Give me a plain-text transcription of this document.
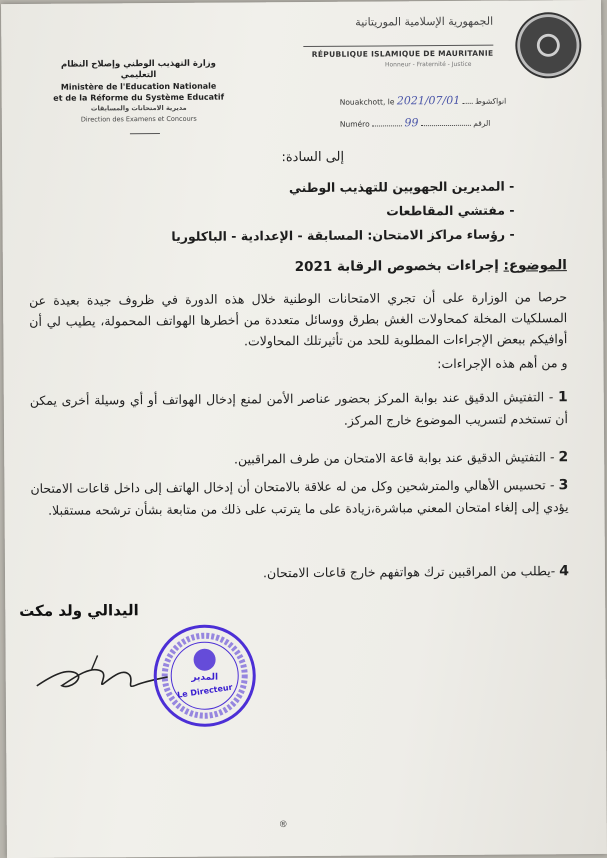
الجمهورية الإسلامية الموريتانية
RÉPUBLIQUE ISLAMIQUE DE MAURITANIE
Honneur - Fraternité - Justice
وزارة التهذيب الوطني وإصلاح النظام التعليمي
Ministère de l'Education Nationale
et de la Réforme du Système Educatif
مديرية الامتحانات والمسابقات
Direction des Examens et Concours
Nouakchott, le 2021/07/01 انواكشوط
Numéro	99	الرقم
إلى السادة:
- المديرين الجهويين للتهذيب الوطني
- مفتشي المقاطعات
- رؤساء مراكز الامتحان: المسابقة - الإعدادية - الباكلوريا
الموضوع: إجراءات بخصوص الرقابة 2021
حرصا من الوزارة على أن تجري الامتحانات الوطنية خلال هذه الدورة في ظروف جيدة بعيدة عن المسلكيات المخلة كمحاولات الغش بطرق ووسائل متعددة من أخطرها الهواتف المحمولة، يطيب لي أن أوافيكم ببعض الإجراءات المطلوبة للحد من تأثيرتلك المحاولات.
و من أهم هذه الإجراءات:
1 - التفتيش الدقيق عند بوابة المركز بحضور عناصر الأمن لمنع إدخال الهواتف أو أي وسيلة أخرى يمكن أن تستخدم لتسريب الموضوع خارج المركز.
2 - التفتيش الدقيق عند بوابة قاعة الامتحان من طرف المراقبين.
3 - تحسيس الأهالي والمترشحين وكل من له علاقة بالامتحان أن إدخال الهاتف إلى داخل قاعات الامتحان يؤدي إلى إلغاء امتحان المعني مباشرة،زيادة على ما يترتب على ذلك من متابعة بشأن ترشحه مستقبلا.
4 -يطلب من المراقبين ترك هواتفهم خارج قاعات الامتحان.
اليدالي ولد مكت
المدير
Le Directeur
®
